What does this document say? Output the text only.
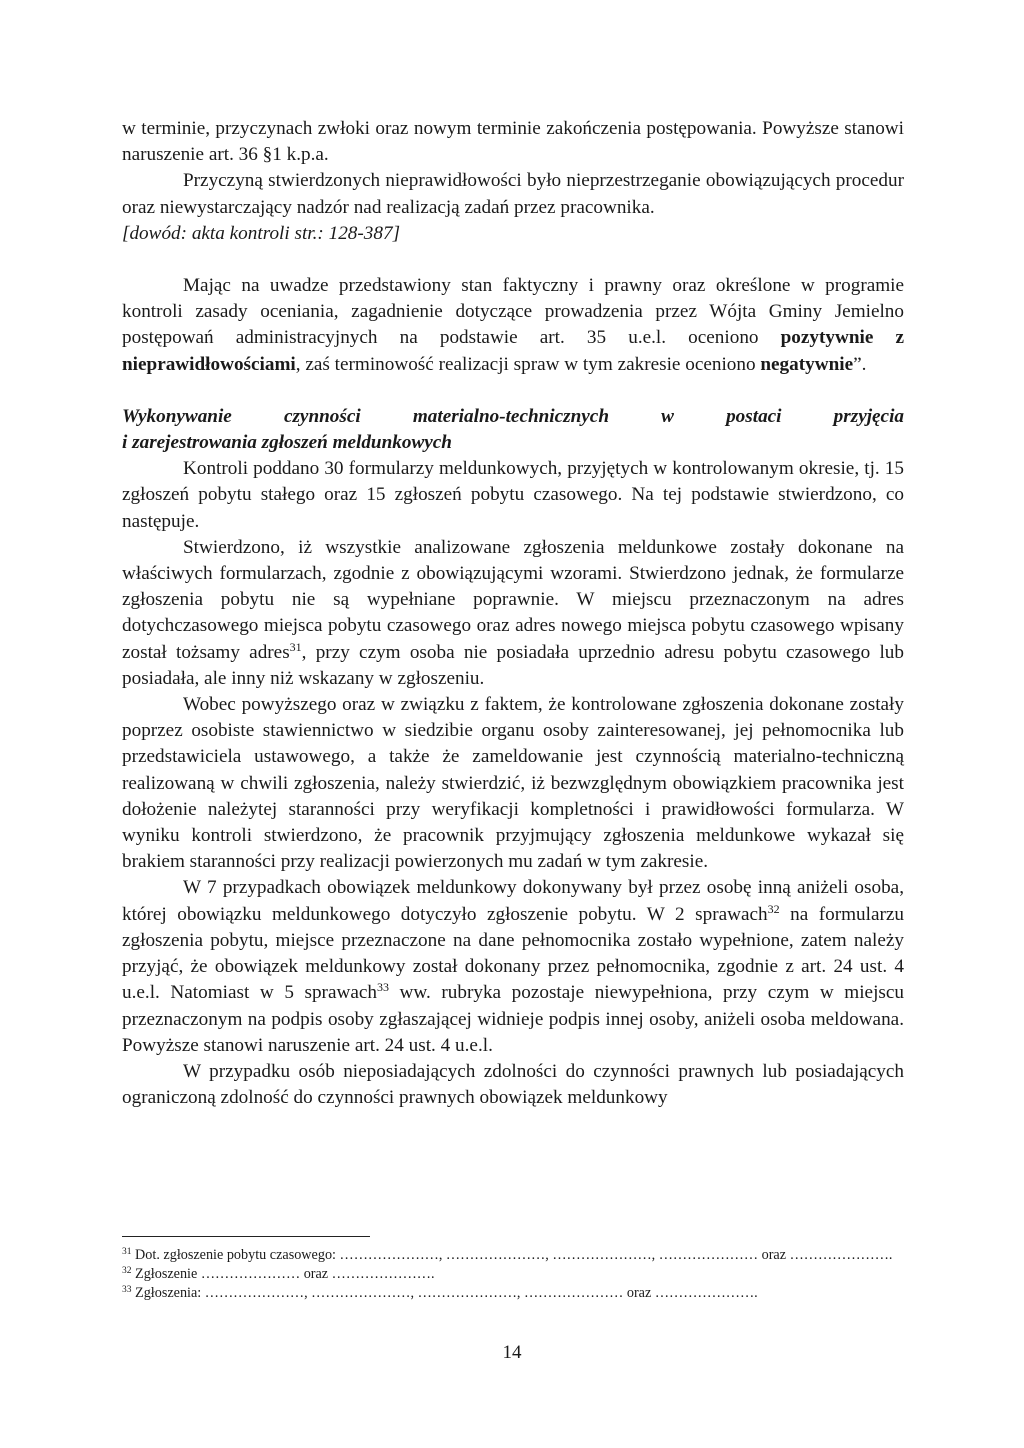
w terminie, przyczynach zwłoki oraz nowym terminie zakończenia postępowania. Powyższe stanowi naruszenie art. 36 §1 k.p.a.

Przyczyną stwierdzonych nieprawidłowości było nieprzestrzeganie obowiązujących procedur oraz niewystarczający nadzór nad realizacją zadań przez pracownika.

[dowód: akta kontroli str.: 128-387]

Mając na uwadze przedstawiony stan faktyczny i prawny oraz określone w programie kontroli zasady oceniania, zagadnienie dotyczące prowadzenia przez Wójta Gminy Jemielno postępowań administracyjnych na podstawie art. 35 u.e.l. oceniono pozytywnie z nieprawidłowościami, zaś terminowość realizacji spraw w tym zakresie oceniono negatywnie”.

Wykonywanie czynności materialno-technicznych w postaci przyjęcia
i zarejestrowania zgłoszeń meldunkowych

Kontroli poddano 30 formularzy meldunkowych, przyjętych w kontrolowanym okresie, tj. 15 zgłoszeń pobytu stałego oraz 15 zgłoszeń pobytu czasowego. Na tej podstawie stwierdzono, co następuje.

Stwierdzono, iż wszystkie analizowane zgłoszenia meldunkowe zostały dokonane na właściwych formularzach, zgodnie z obowiązującymi wzorami. Stwierdzono jednak, że formularze zgłoszenia pobytu nie są wypełniane poprawnie. W miejscu przeznaczonym na adres dotychczasowego miejsca pobytu czasowego oraz adres nowego miejsca pobytu czasowego wpisany został tożsamy adres$^{31}$, przy czym osoba nie posiadała uprzednio adresu pobytu czasowego lub posiadała, ale inny niż wskazany w zgłoszeniu.

Wobec powyższego oraz w związku z faktem, że kontrolowane zgłoszenia dokonane zostały poprzez osobiste stawiennictwo w siedzibie organu osoby zainteresowanej, jej pełnomocnika lub przedstawiciela ustawowego, a także że zameldowanie jest czynnością materialno-techniczną realizowaną w chwili zgłoszenia, należy stwierdzić, iż bezwzględnym obowiązkiem pracownika jest dołożenie należytej staranności przy weryfikacji kompletności i prawidłowości formularza. W wyniku kontroli stwierdzono, że pracownik przyjmujący zgłoszenia meldunkowe wykazał się brakiem staranności przy realizacji powierzonych mu zadań w tym zakresie.

W 7 przypadkach obowiązek meldunkowy dokonywany był przez osobę inną aniżeli osoba, której obowiązku meldunkowego dotyczyło zgłoszenie pobytu. W 2 sprawach$^{32}$ na formularzu zgłoszenia pobytu, miejsce przeznaczone na dane pełnomocnika zostało wypełnione, zatem należy przyjąć, że obowiązek meldunkowy został dokonany przez pełnomocnika, zgodnie z art. 24 ust. 4 u.e.l. Natomiast w 5 sprawach$^{33}$ ww. rubryka pozostaje niewypełniona, przy czym w miejscu przeznaczonym na podpis osoby zgłaszającej widnieje podpis innej osoby, aniżeli osoba meldowana. Powyższe stanowi naruszenie art. 24 ust. 4 u.e.l.

W przypadku osób nieposiadających zdolności do czynności prawnych lub posiadających ograniczoną zdolność do czynności prawnych obowiązek meldunkowy

$^{31}$ Dot. zgłoszenie pobytu czasowego: …………………, …………………, …………………, ………………… oraz ………………….
$^{32}$ Zgłoszenie ………………… oraz ………………….
$^{33}$ Zgłoszenia: …………………, …………………, …………………, ………………… oraz ………………….
14
